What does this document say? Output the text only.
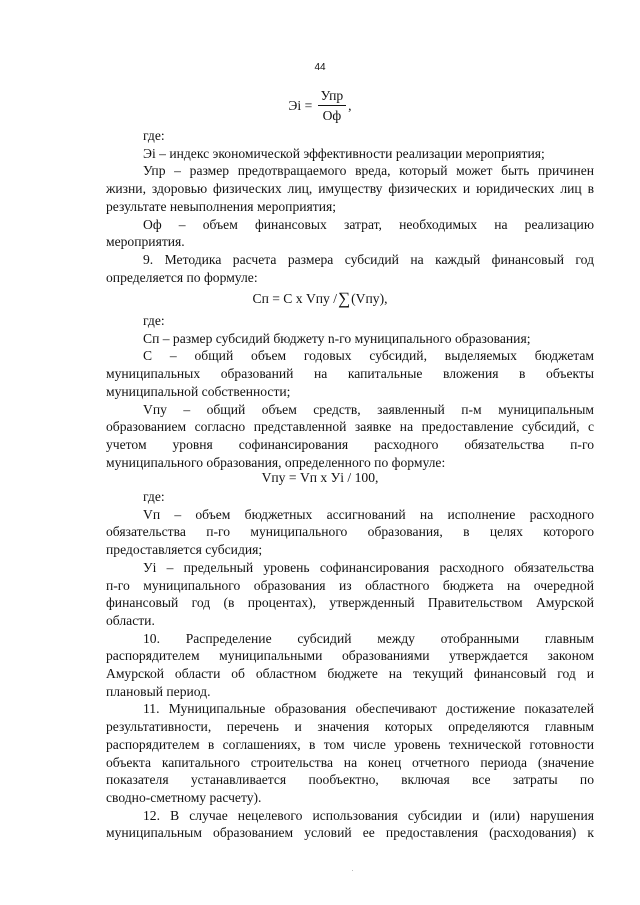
44
Эi = $\frac{\text{Упр}}{Оф}$ ,
где:
Эi – индекс экономической эффективности реализации мероприятия;
Упр – размер предотвращаемого вреда, который может быть причинен
жизни, здоровью физических лиц, имуществу физических и юридических лиц в
результате невыполнения мероприятия;
Оф – объем финансовых затрат, необходимых на реализацию
мероприятия.
9. Методика расчета размера субсидий на каждый финансовый год
определяется по формуле:
Сп = С х Vпу /∑(Vпу),
где:
Сп – размер субсидий бюджету n-го муниципального образования;
С – общий объем годовых субсидий, выделяемых бюджетам
муниципальных образований на капитальные вложения в объекты
муниципальной собственности;
Vпу – общий объем средств, заявленный п-м муниципальным
образованием согласно представленной заявке на предоставление субсидий, с
учетом уровня софинансирования расходного обязательства п-го
муниципального образования, определенного по формуле:
Vпу = Vп х Уi / 100,
где:
Vп – объем бюджетных ассигнований на исполнение расходного
обязательства п-го муниципального образования, в целях которого
предоставляется субсидия;
Уi – предельный уровень софинансирования расходного обязательства
п-го муниципального образования из областного бюджета на очередной
финансовый год (в процентах), утвержденный Правительством Амурской
области.
10. Распределение субсидий между отобранными главным
распорядителем муниципальными образованиями утверждается законом
Амурской области об областном бюджете на текущий финансовый год и
плановый период.
11. Муниципальные образования обеспечивают достижение показателей
результативности, перечень и значения которых определяются главным
распорядителем в соглашениях, в том числе уровень технической готовности
объекта капитального строительства на конец отчетного периода (значение
показателя устанавливается пообъектно, включая все затраты по
сводно-сметному расчету).
12. В случае нецелевого использования субсидии и (или) нарушения
муниципальным образованием условий ее предоставления (расходования) к
